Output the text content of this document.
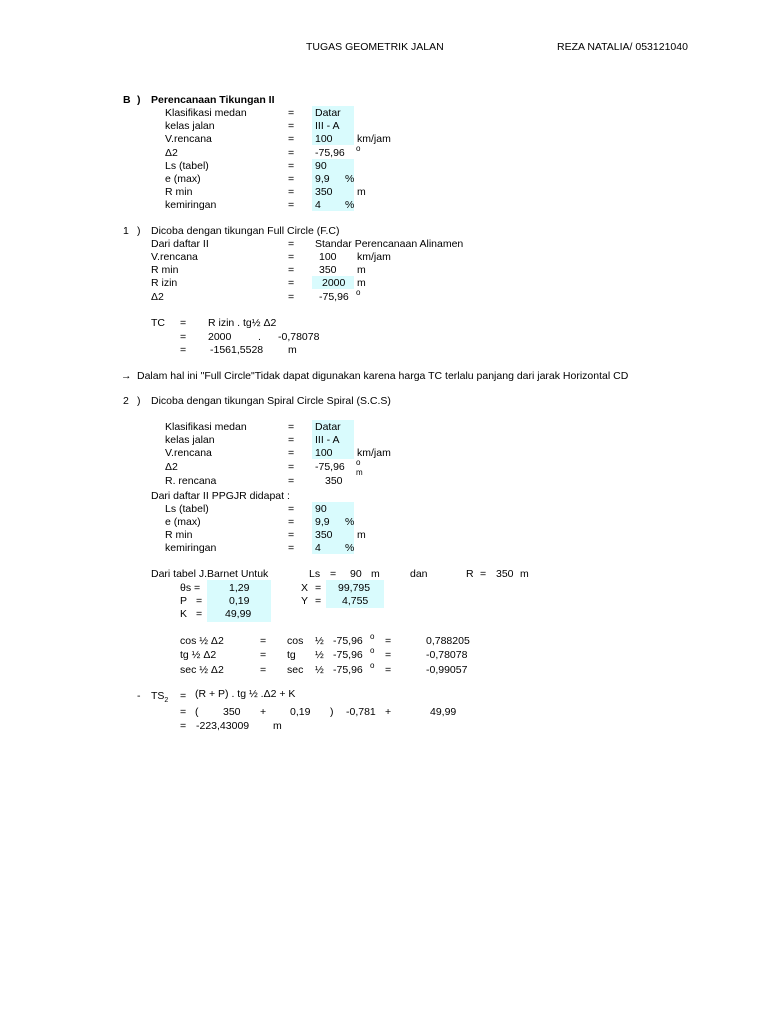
TUGAS GEOMETRIK JALAN	REZA NATALIA/ 053121040
B ) Perencanaan Tikungan II
Klasifikasi medan	= Datar
kelas jalan	= III - A
V.rencana	= 100 km/jam
Δ2	= -75,96 o
Ls (tabel)	= 90
e (max)	= 9,9 %
R min	= 350 m
kemiringan	= 4 %
1 ) Dicoba dengan tikungan Full Circle (F.C)
Dari daftar II	= Standar Perencanaan Alinamen
V.rencana	= 100 km/jam
R min	= 350 m
R izin	=	2000 m
Δ2	= -75,96 o
TC = R izin . tg½ Δ2
= 2000	. -0,78078
= -1561,5528 m
→ Dalam hal ini "Full Circle"Tidak dapat digunakan karena harga TC terlalu panjang dari jarak Horizontal CD
2 ) Dicoba dengan tikungan Spiral Circle Spiral (S.C.S)
Klasifikasi medan	= Datar
kelas jalan	= III - A
V.rencana	= 100 km/jam
Δ2	= -75,96 o
R. rencana	=	350
m
Dari daftar II PPGJR didapat :
Ls (tabel)	= 90
e (max)	= 9,9 %
R min	= 350 m
kemiringan	= 4 %
Dari tabel J.Barnet Untuk	Ls = 90 m	dan	R = 350 m
θs =	1,29	X = 99,795
P =	0,19	Y = 4,755
K = 49,99
cos ½ Δ2	= cos ½ -75,96 o =	0,788205
tg ½ Δ2	= tg ½ -75,96 o =	-0,78078
sec ½ Δ2	= sec ½ -75,96 o =	-0,99057
- $TS_2 = (R + P)$ . tg ½ .Δ2 + K
= ( 350 + 0,19 ) -0,781 +	49,99
= -223,43009 m
